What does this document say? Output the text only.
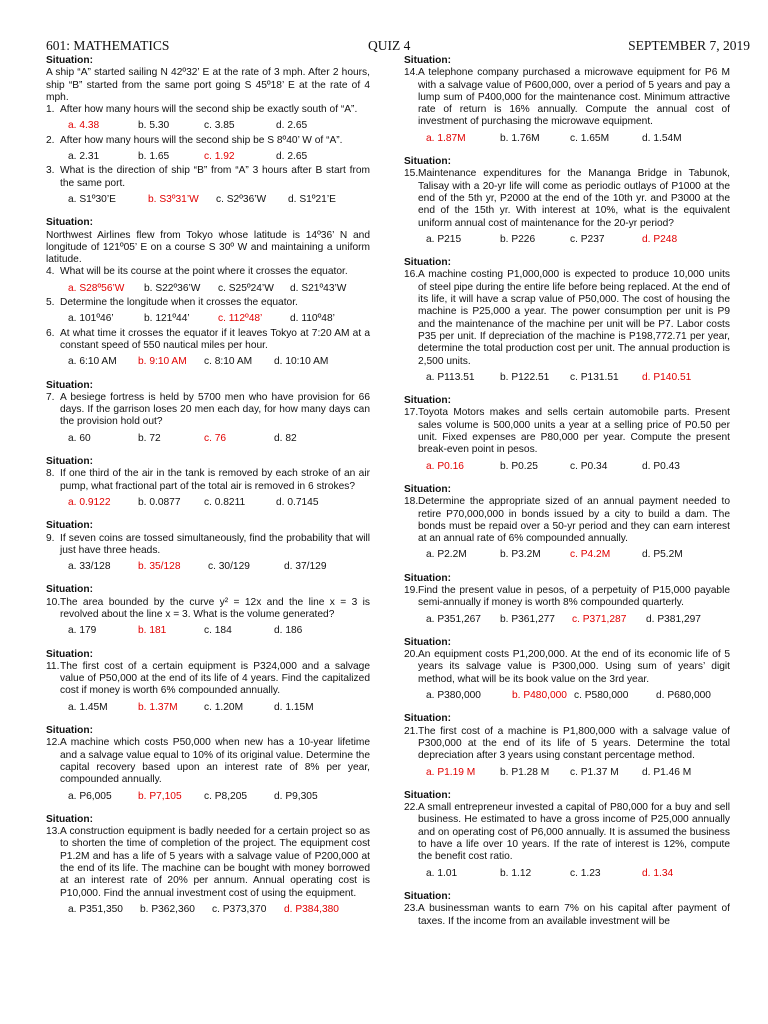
601: MATHEMATICS	QUIZ 4	SEPTEMBER 7, 2019
Situation:
A ship “A” started sailing N 42º32’ E at the rate of 3 mph. After 2 hours, ship “B” started from the same port going S 45º18’ E at the rate of 4 mph.
1. After how many hours will the second ship be exactly south of “A”.
a. 4.38	b. 5.30	c. 3.85	d. 2.65
2. After how many hours will the second ship be S 8º40’ W of “A”.
a. 2.31	b. 1.65	c. 1.92	d. 2.65
3. What is the direction of ship “B” from “A” 3 hours after B start from the same port.
a. S1º30’E	b. S3º31’W	c. S2º36’W	d. S1º21’E
Situation:
Northwest Airlines flew from Tokyo whose latitude is 14º36’ N and longitude of 121º05’ E on a course S 30º W and maintaining a uniform latitude.
4. What will be its course at the point where it crosses the equator.
a. S28º56’W	b. S22º36’W	c. S25º24’W	d. S21º43’W
5. Determine the longitude when it crosses the equator.
a. 101º46’	b. 121º44’	c. 112º48’	d. 110º48’
6. At what time it crosses the equator if it leaves Tokyo at 7:20 AM at a constant speed of 550 nautical miles per hour.
a. 6:10 AM	b. 9:10 AM	c. 8:10 AM	d. 10:10 AM
Situation:
7. A besiege fortress is held by 5700 men who have provision for 66 days. If the garrison loses 20 men each day, for how many days can the provision hold out?
a. 60	b. 72	c. 76	d. 82
Situation:
8. If one third of the air in the tank is removed by each stroke of an air pump, what fractional part of the total air is removed in 6 strokes?
a. 0.9122	b. 0.0877	c. 0.8211	d. 0.7145
Situation:
9. If seven coins are tossed simultaneously, find the probability that will just have three heads.
a. 33/128	b. 35/128	c. 30/129	d. 37/129
Situation:
10. The area bounded by the curve y² = 12x and the line x = 3 is revolved about the line x = 3. What is the volume generated?
a. 179	b. 181	c. 184	d. 186
Situation:
11. The first cost of a certain equipment is P324,000 and a salvage value of P50,000 at the end of its life of 4 years. Find the capitalized cost if money is worth 6% compounded annually.
a. 1.45M	b. 1.37M	c. 1.20M	d. 1.15M
Situation:
12. A machine which costs P50,000 when new has a 10-year lifetime and a salvage value equal to 10% of its original value. Determine the capital recovery based upon an interest rate of 8% per year, compounded annually.
a. P6,005	b. P7,105	c. P8,205	d. P9,305
Situation:
13. A construction equipment is badly needed for a certain project so as to shorten the time of completion of the project. The equipment cost P1.2M and has a life of 5 years with a salvage value of P200,000 at the end of its life. The machine can be bought with money borrowed at an interest rate of 20% per annum. Annual operating cost is P10,000. Find the annual investment cost of using the equipment.
a. P351,350	b. P362,360	c. P373,370	d. P384,380
Situation:
14. A telephone company purchased a microwave equipment for P6 M with a salvage value of P600,000, over a period of 5 years and pay a lump sum of P400,000 for the maintenance cost. Minimum attractive rate of return is 16% annually. Compute the annual cost of investment of purchasing the microwave equipment.
a. 1.87M	b. 1.76M	c. 1.65M	d. 1.54M
Situation:
15. Maintenance expenditures for the Mananga Bridge in Tabunok, Talisay with a 20-yr life will come as periodic outlays of P1000 at the end of the 5th yr, P2000 at the end of the 10th yr. and P3000 at the end of the 15th yr. With interest at 10%, what is the equivalent uniform annual cost of maintenance for the 20-yr period?
a. P215	b. P226	c. P237	d. P248
Situation:
16. A machine costing P1,000,000 is expected to produce 10,000 units of steel pipe during the entire life before being replaced. At the end of its life, it will have a scrap value of P50,000. The cost of housing the machine is P25,000 a year. The power consumption per unit is P9 and the maintenance of the machine per unit will be P7. Labor costs P35 per unit. If depreciation of the machine is P198,772.71 per year, determine the total production cost per unit. The annual production is 2,500 units.
a. P113.51	b. P122.51	c. P131.51	d. P140.51
Situation:
17. Toyota Motors makes and sells certain automobile parts. Present sales volume is 500,000 units a year at a selling price of P0.50 per unit. Fixed expenses are P80,000 per year. Compute the present break-even point in pesos.
a. P0.16	b. P0.25	c. P0.34	d. P0.43
Situation:
18. Determine the appropriate sized of an annual payment needed to retire P70,000,000 in bonds issued by a city to build a dam. The bonds must be repaid over a 50-yr period and they can earn interest at an annual rate of 6% compounded annually.
a. P2.2M	b. P3.2M	c. P4.2M	d. P5.2M
Situation:
19. Find the present value in pesos, of a perpetuity of P15,000 payable semi-annually if money is worth 8% compounded quarterly.
a. P351,267	b. P361,277	c. P371,287	d. P381,297
Situation:
20. An equipment costs P1,200,000. At the end of its economic life of 5 years its salvage value is P300,000. Using sum of years’ digit method, what will be its book value on the 3rd year.
a. P380,000	b. P480,000 c. P580,000	d. P680,000
Situation:
21. The first cost of a machine is P1,800,000 with a salvage value of P300,000 at the end of its life of 5 years. Determine the total depreciation after 3 years using constant percentage method.
a. P1.19 M	b. P1.28 M	c. P1.37 M	d. P1.46 M
Situation:
22. A small entrepreneur invested a capital of P80,000 for a buy and sell business. He estimated to have a gross income of P25,000 annually and on operating cost of P6,000 annually. It is assumed the business to have a life over 10 years. If the rate of interest is 12%, compute the benefit cost ratio.
a. 1.01	b. 1.12	c. 1.23	d. 1.34
Situation:
23. A businessman wants to earn 7% on his capital after payment of taxes. If the income from an available investment will be
